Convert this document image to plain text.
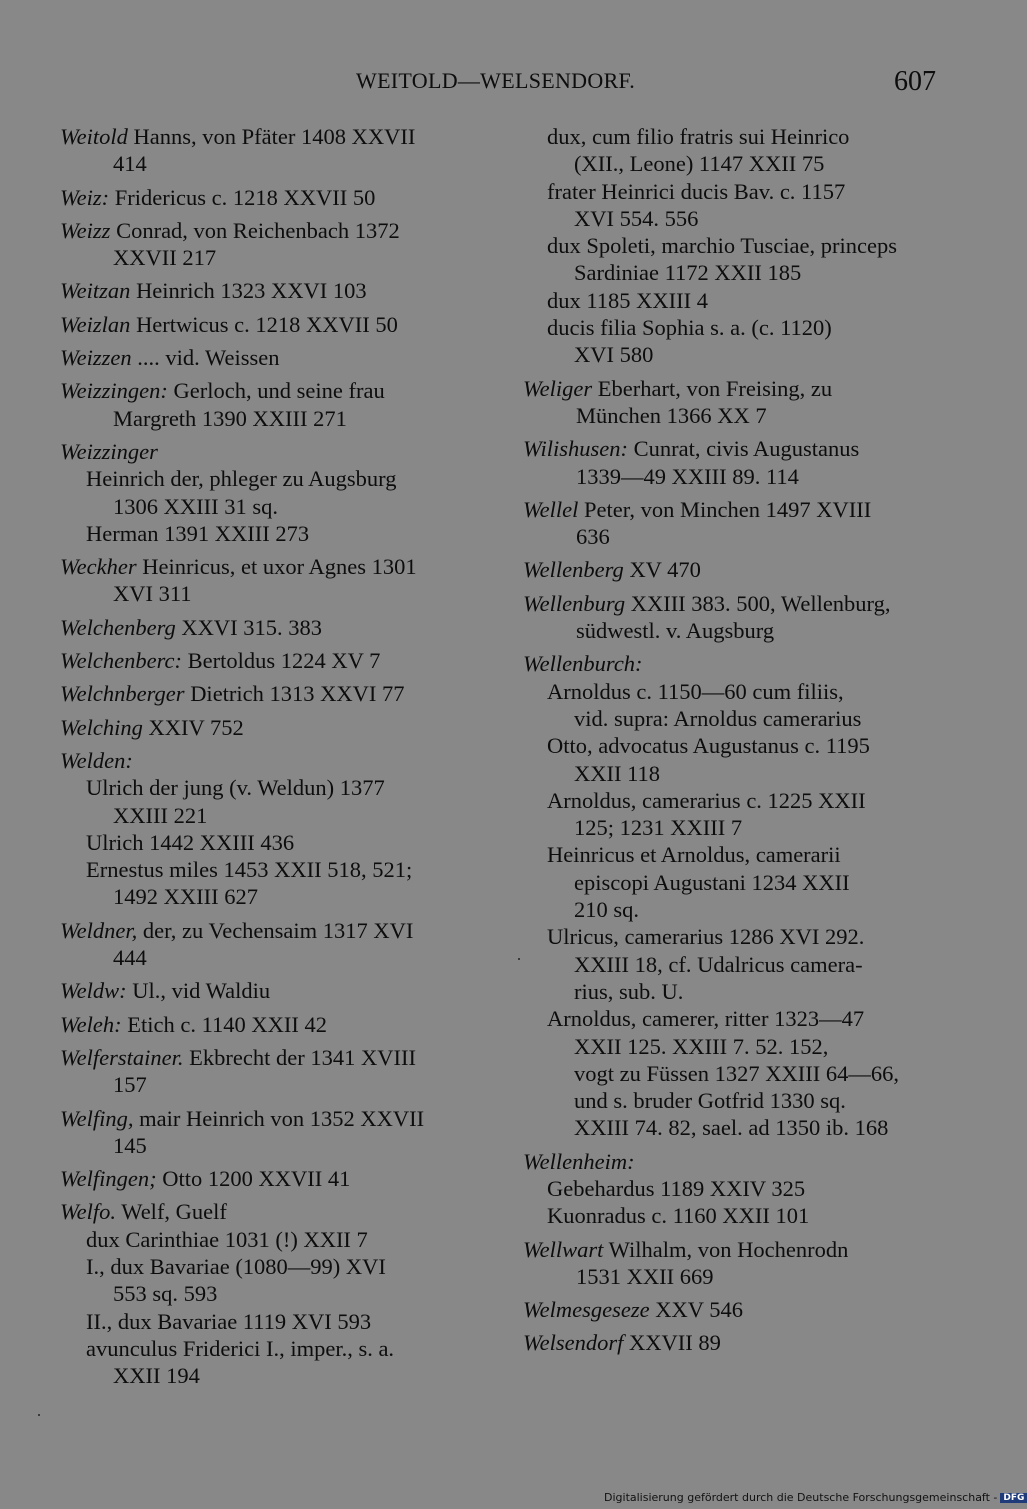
WEITOLD—WELSENDORF.	607
Weitold Hanns, von Pfäter 1408 XXVII
414
Weiz: Fridericus c. 1218 XXVII 50
Weizz Conrad, von Reichenbach 1372
XXVII 217
Weitzan Heinrich 1323 XXVI 103
Weizlan Hertwicus c. 1218 XXVII 50
Weizzen .... vid. Weissen
Weizzingen: Gerloch, und seine frau
Margreth 1390 XXIII 271
Weizzinger
Heinrich der, phleger zu Augsburg
1306 XXIII 31 sq.
Herman 1391 XXIII 273
Weckher Heinricus, et uxor Agnes 1301
XVI 311
Welchenberg XXVI 315. 383
Welchenberc: Bertoldus 1224 XV 7
Welchnberger Dietrich 1313 XXVI 77
Welching XXIV 752
Welden:
Ulrich der jung (v. Weldun) 1377
XXIII 221
Ulrich 1442 XXIII 436
Ernestus miles 1453 XXII 518, 521;
1492 XXIII 627
Weldner, der, zu Vechensaim 1317 XVI
444
Weldw: Ul., vid Waldiu
Weleh: Etich c. 1140 XXII 42
Welferstainer. Ekbrecht der 1341 XVIII
157
Welfing, mair Heinrich von 1352 XXVII
145
Welfingen; Otto 1200 XXVII 41
Welfo. Welf, Guelf
dux Carinthiae 1031 (!) XXII 7
I., dux Bavariae (1080—99) XVI
553 sq. 593
II., dux Bavariae 1119 XVI 593
avunculus Friderici I., imper., s. a.
XXII 194
dux, cum filio fratris sui Heinrico
(XII., Leone) 1147 XXII 75
frater Heinrici ducis Bav. c. 1157
XVI 554. 556
dux Spoleti, marchio Tusciae, princeps
Sardiniae 1172 XXII 185
dux 1185 XXIII 4
ducis filia Sophia s. a. (c. 1120)
XVI 580
Weliger Eberhart, von Freising, zu
München 1366 XX 7
Wilishusen: Cunrat, civis Augustanus
1339—49 XXIII 89. 114
Wellel Peter, von Minchen 1497 XVIII
636
Wellenberg XV 470
Wellenburg XXIII 383. 500, Wellenburg,
südwestl. v. Augsburg
Wellenburch:
Arnoldus c. 1150—60 cum filiis,
vid. supra: Arnoldus camerarius
Otto, advocatus Augustanus c. 1195
XXII 118
Arnoldus, camerarius c. 1225 XXII
125; 1231 XXIII 7
Heinricus et Arnoldus, camerarii
episcopi Augustani 1234 XXII
210 sq.
Ulricus, camerarius 1286 XVI 292.
XXIII 18, cf. Udalricus camera-
rius, sub. U.
Arnoldus, camerer, ritter 1323—47
XXII 125. XXIII 7. 52. 152,
vogt zu Füssen 1327 XXIII 64—66,
und s. bruder Gotfrid 1330 sq.
XXIII 74. 82, sael. ad 1350 ib. 168
Wellenheim:
Gebehardus 1189 XXIV 325
Kuonradus c. 1160 XXII 101
Wellwart Wilhalm, von Hochenrodn
1531 XXII 669
Welmesgeseze XXV 546
Welsendorf XXVII 89
Digitalisierung gefördert durch die Deutsche Forschungsgemeinschaft - DFG
